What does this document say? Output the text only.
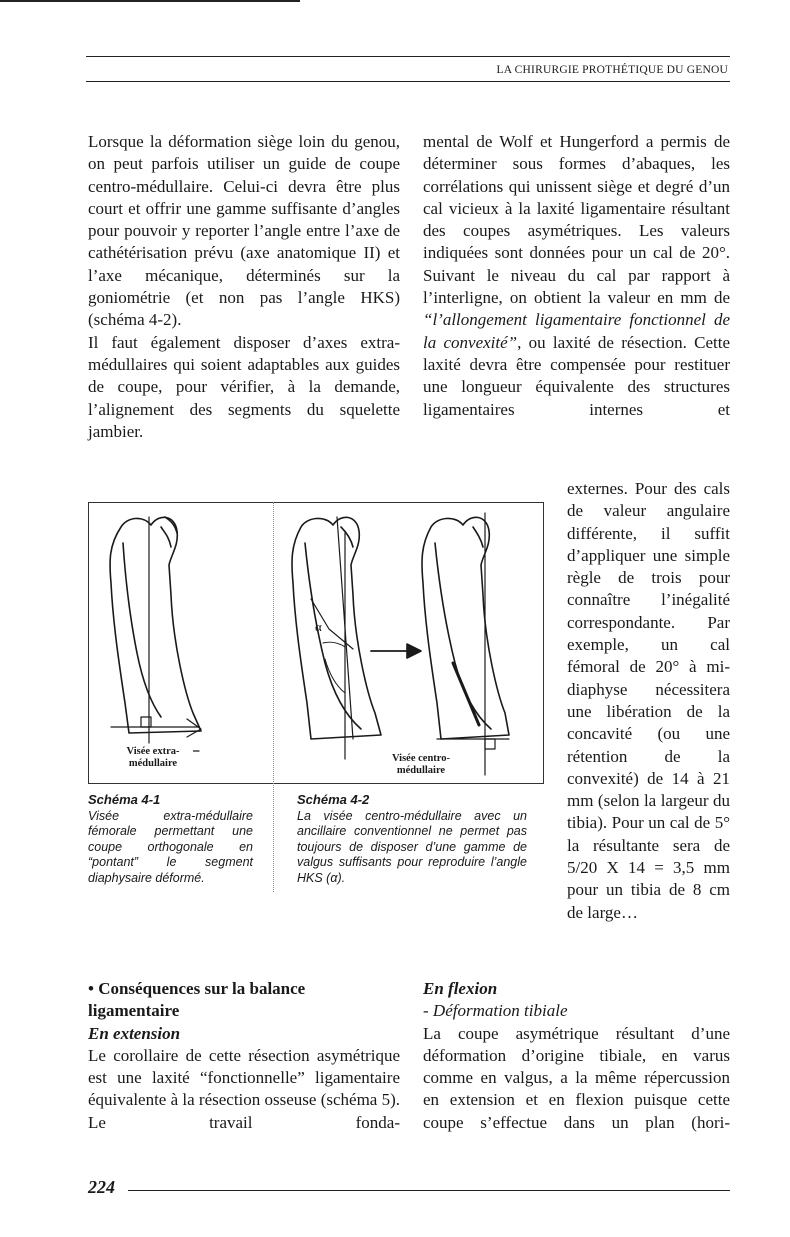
LA CHIRURGIE PROTHÉTIQUE DU GENOU

Lorsque la déformation siège loin du genou, on peut parfois utiliser un guide de coupe centro-médullaire. Celui-ci devra être plus court et offrir une gamme suffisante d’angles pour pouvoir y reporter l’angle entre l’axe de cathétérisation prévu (axe anatomique II) et l’axe mécanique, déterminés sur la goniométrie (et non pas l’angle HKS) (schéma 4-2).

Il faut également disposer d’axes extra-médullaires qui soient adaptables aux guides de coupe, pour vérifier, à la demande, l’alignement des segments du squelette jambier.

mental de Wolf et Hungerford a permis de déterminer sous formes d’abaques, les corrélations qui unissent siège et degré d’un cal vicieux à la laxité ligamentaire résultant des coupes asymétriques. Les valeurs indiquées sont données pour un cal de 20°. Suivant le niveau du cal par rapport à l’interligne, on obtient la valeur en mm de “l’allongement ligamentaire fonctionnel de la convexité”, ou laxité de résection. Cette laxité devra être compensée pour restituer une longueur équivalente des structures ligamentaires internes et

externes. Pour des cals de valeur angulaire différente, il suffit d’appliquer une simple règle de trois pour connaître l’inégalité correspondante. Par exemple, un cal fémoral de 20° à mi-diaphyse nécessitera une libération de la concavité (ou une rétention de la convexité) de 14 à 21 mm (selon la largeur du tibia). Pour un cal de 5° la résultante sera de 5/20 X 14 = 3,5 mm pour un tibia de 8 cm de large…

α
Visée extra-médullaire	Visée centro-médullaire
Schéma 4-1
Visée extra-médullaire fémorale permettant une coupe orthogonale en “pontant” le segment diaphysaire déformé.
Schéma 4-2
La visée centro-médullaire avec un ancillaire conventionnel ne permet pas toujours de disposer d’une gamme de valgus suffisants pour reproduire l’angle HKS (α).

• Conséquences sur la balance ligamentaire

En extension

Le corollaire de cette résection asymétrique est une laxité “fonctionnelle” ligamentaire équivalente à la résection osseuse (schéma 5). Le travail fonda-

En flexion

- Déformation tibiale

La coupe asymétrique résultant d’une déformation d’origine tibiale, en varus comme en valgus, a la même répercussion en extension et en flexion puisque cette coupe s’effectue dans un plan (hori-

224
